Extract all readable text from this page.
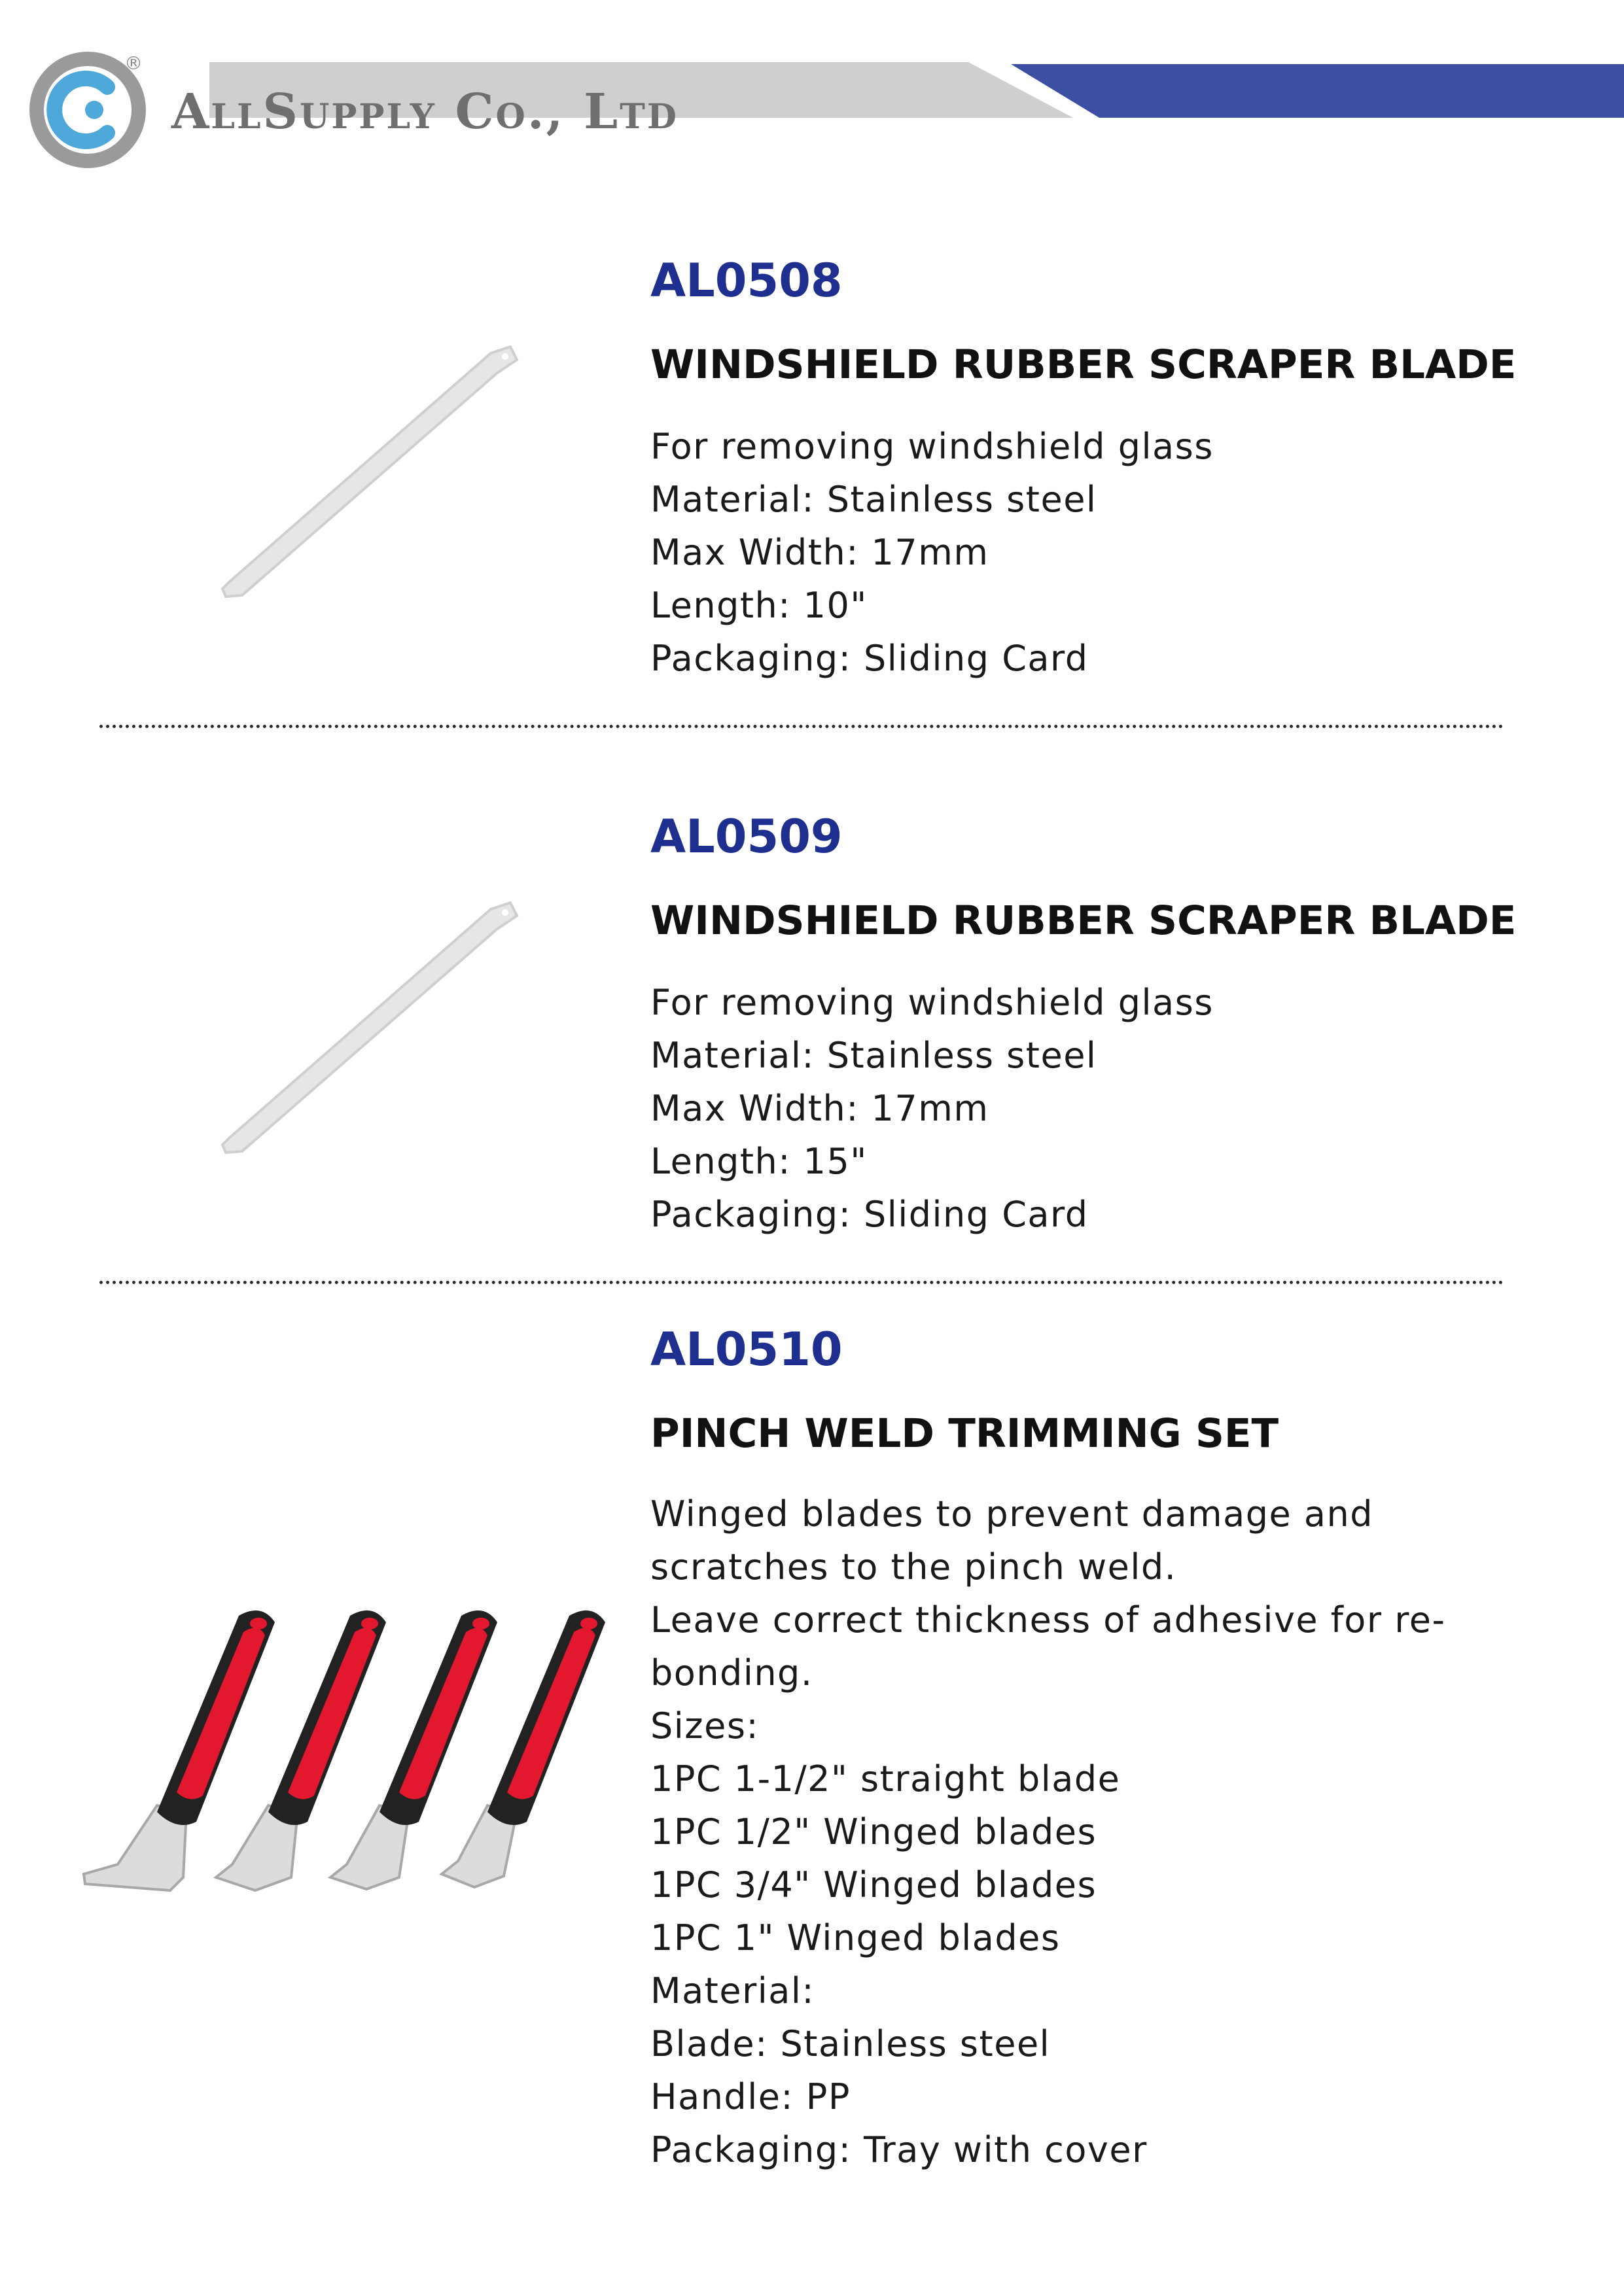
®
AllSupply Co., Ltd
AL0508
WINDSHIELD RUBBER SCRAPER BLADE
For removing windshield glass
Material: Stainless steel
Max Width: 17mm
Length: 10"
Packaging: Sliding Card
AL0509
WINDSHIELD RUBBER SCRAPER BLADE
For removing windshield glass
Material: Stainless steel
Max Width: 17mm
Length: 15"
Packaging: Sliding Card
AL0510
PINCH WELD TRIMMING SET
Winged blades to prevent damage and
scratches to the pinch weld.
Leave correct thickness of adhesive for re-
bonding.
Sizes:
1PC 1-1/2" straight blade
1PC 1/2" Winged blades
1PC 3/4" Winged blades
1PC 1" Winged blades
Material:
Blade: Stainless steel
Handle: PP
Packaging: Tray with cover
